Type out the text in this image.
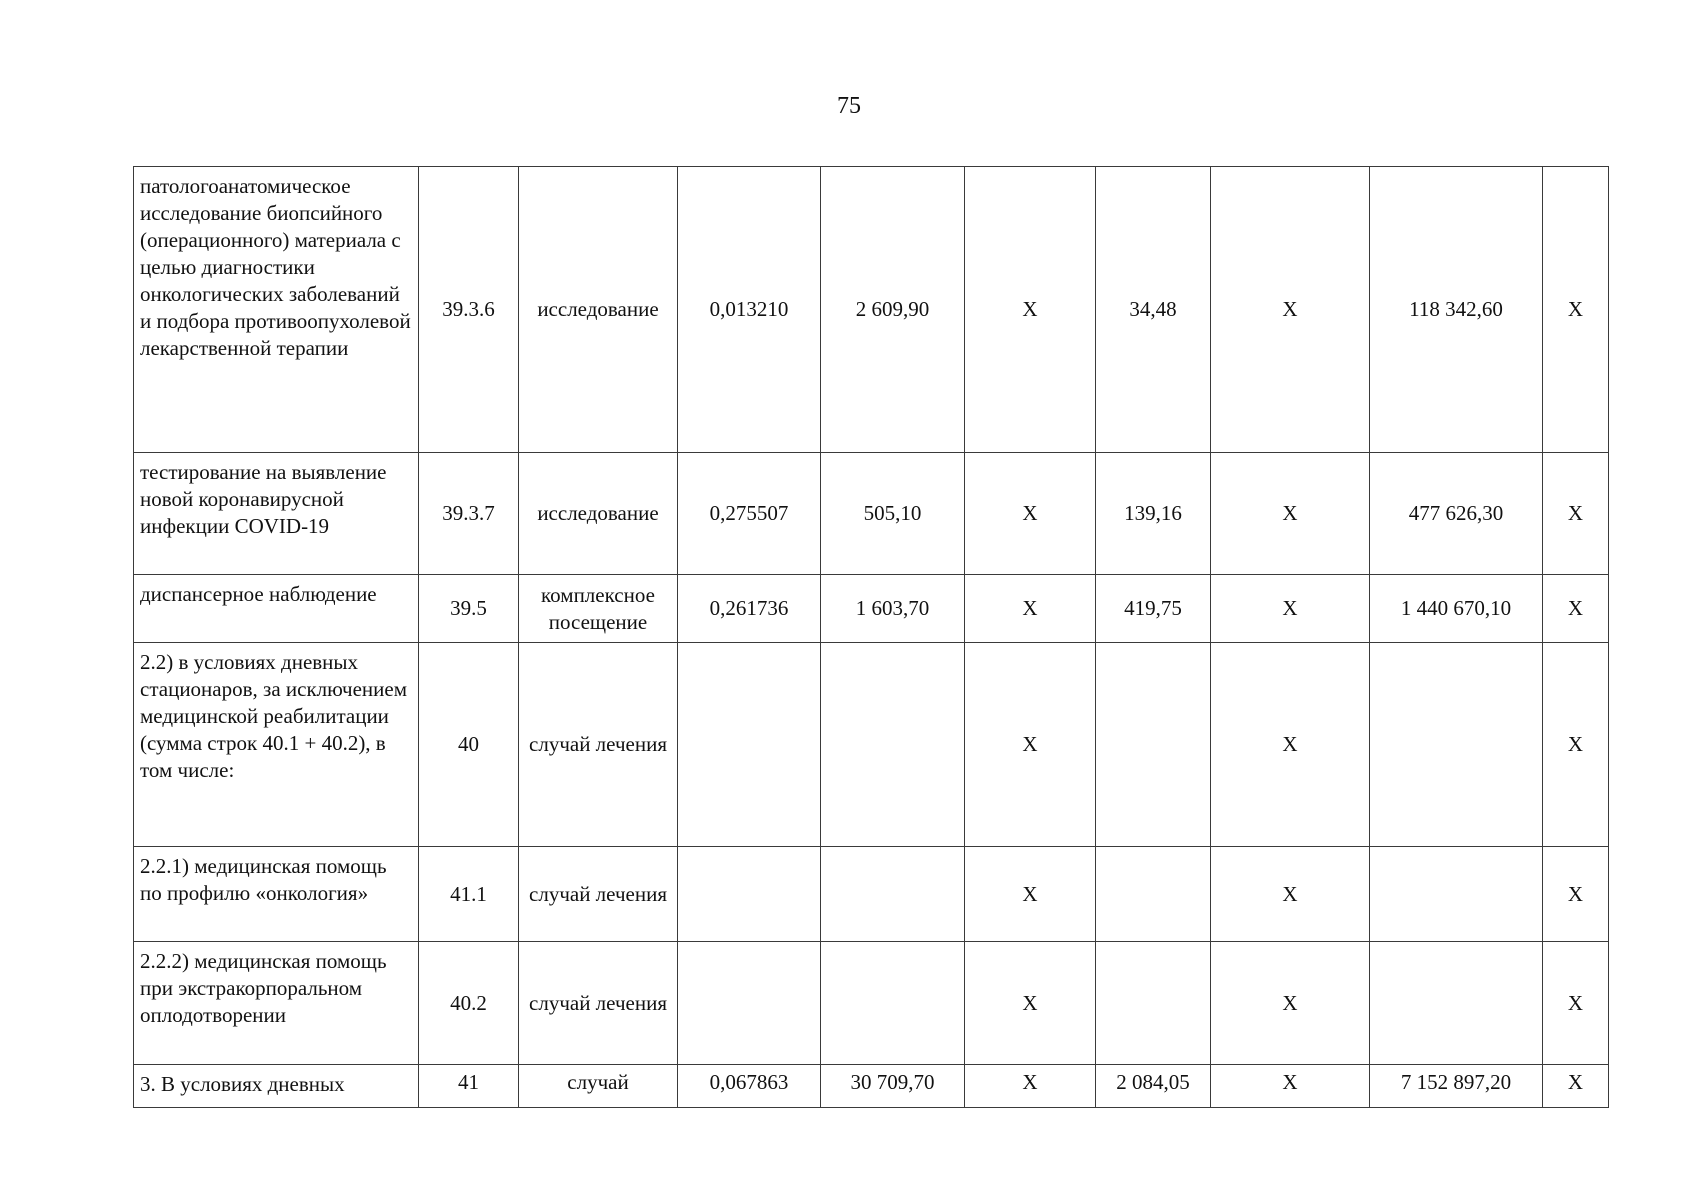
75
патологоанатомическое исследование биопсийного (операционного) материала с целью диагностики онкологических заболеваний и подбора противоопухолевой лекарственной терапии	39.3.6	исследование	0,013210	2 609,90	Х	34,48	Х	118 342,60	Х
тестирование на выявление новой коронавирусной инфекции COVID-19	39.3.7	исследование	0,275507	505,10	Х	139,16	Х	477 626,30	Х
диспансерное наблюдение	39.5	комплексное посещение	0,261736	1 603,70	Х	419,75	Х	1 440 670,10	Х
2.2) в условиях дневных стационаров, за исключением медицинской реабилитации (сумма строк 40.1 + 40.2), в том числе:	40	случай лечения			Х		Х		Х
2.2.1) медицинская помощь по профилю «онкология»	41.1	случай лечения			Х		Х		Х
2.2.2) медицинская помощь при экстракорпоральном оплодотворении	40.2	случай лечения			Х		Х		Х
3. В условиях дневных	41	случай	0,067863	30 709,70	Х	2 084,05	Х	7 152 897,20	Х
